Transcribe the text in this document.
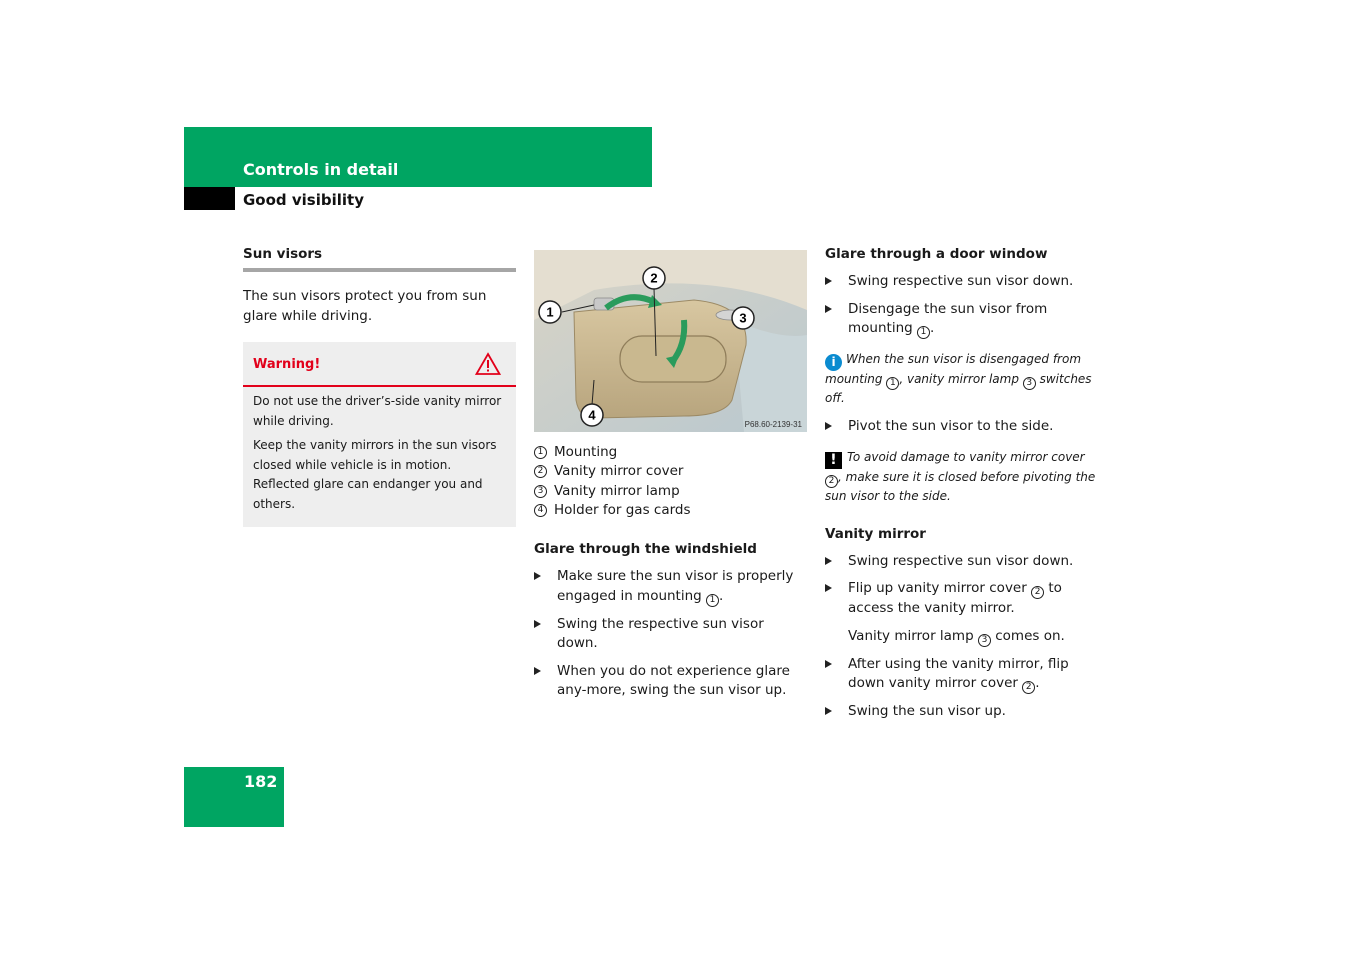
Controls in detail
Good visibility
Sun visors
The sun visors protect you from sun glare while driving.
Warning!

Do not use the driver’s-side vanity mirror while driving.

Keep the vanity mirrors in the sun visors closed while vehicle is in motion. Reflected glare can endanger you and others.

1
2
3
4
P68.60-2139-31
1 Mounting
2 Vanity mirror cover
3 Vanity mirror lamp
4 Holder for gas cards
Glare through the windshield
Make sure the sun visor is properly engaged in mounting 1 .
Swing the respective sun visor down.
When you do not experience glare any-more, swing the sun visor up.
Glare through a door window
Swing respective sun visor down.
Disengage the sun visor from mounting 1 .
i When the sun visor is disengaged from mounting 1 , vanity mirror lamp 3 switches off.
Pivot the sun visor to the side.
! To avoid damage to vanity mirror cover 2 , make sure it is closed before pivoting the sun visor to the side.
Vanity mirror
Swing respective sun visor down.
Flip up vanity mirror cover 2 to access the vanity mirror.
Vanity mirror lamp 3 comes on.
After using the vanity mirror, flip down vanity mirror cover 2 .
Swing the sun visor up.
182
